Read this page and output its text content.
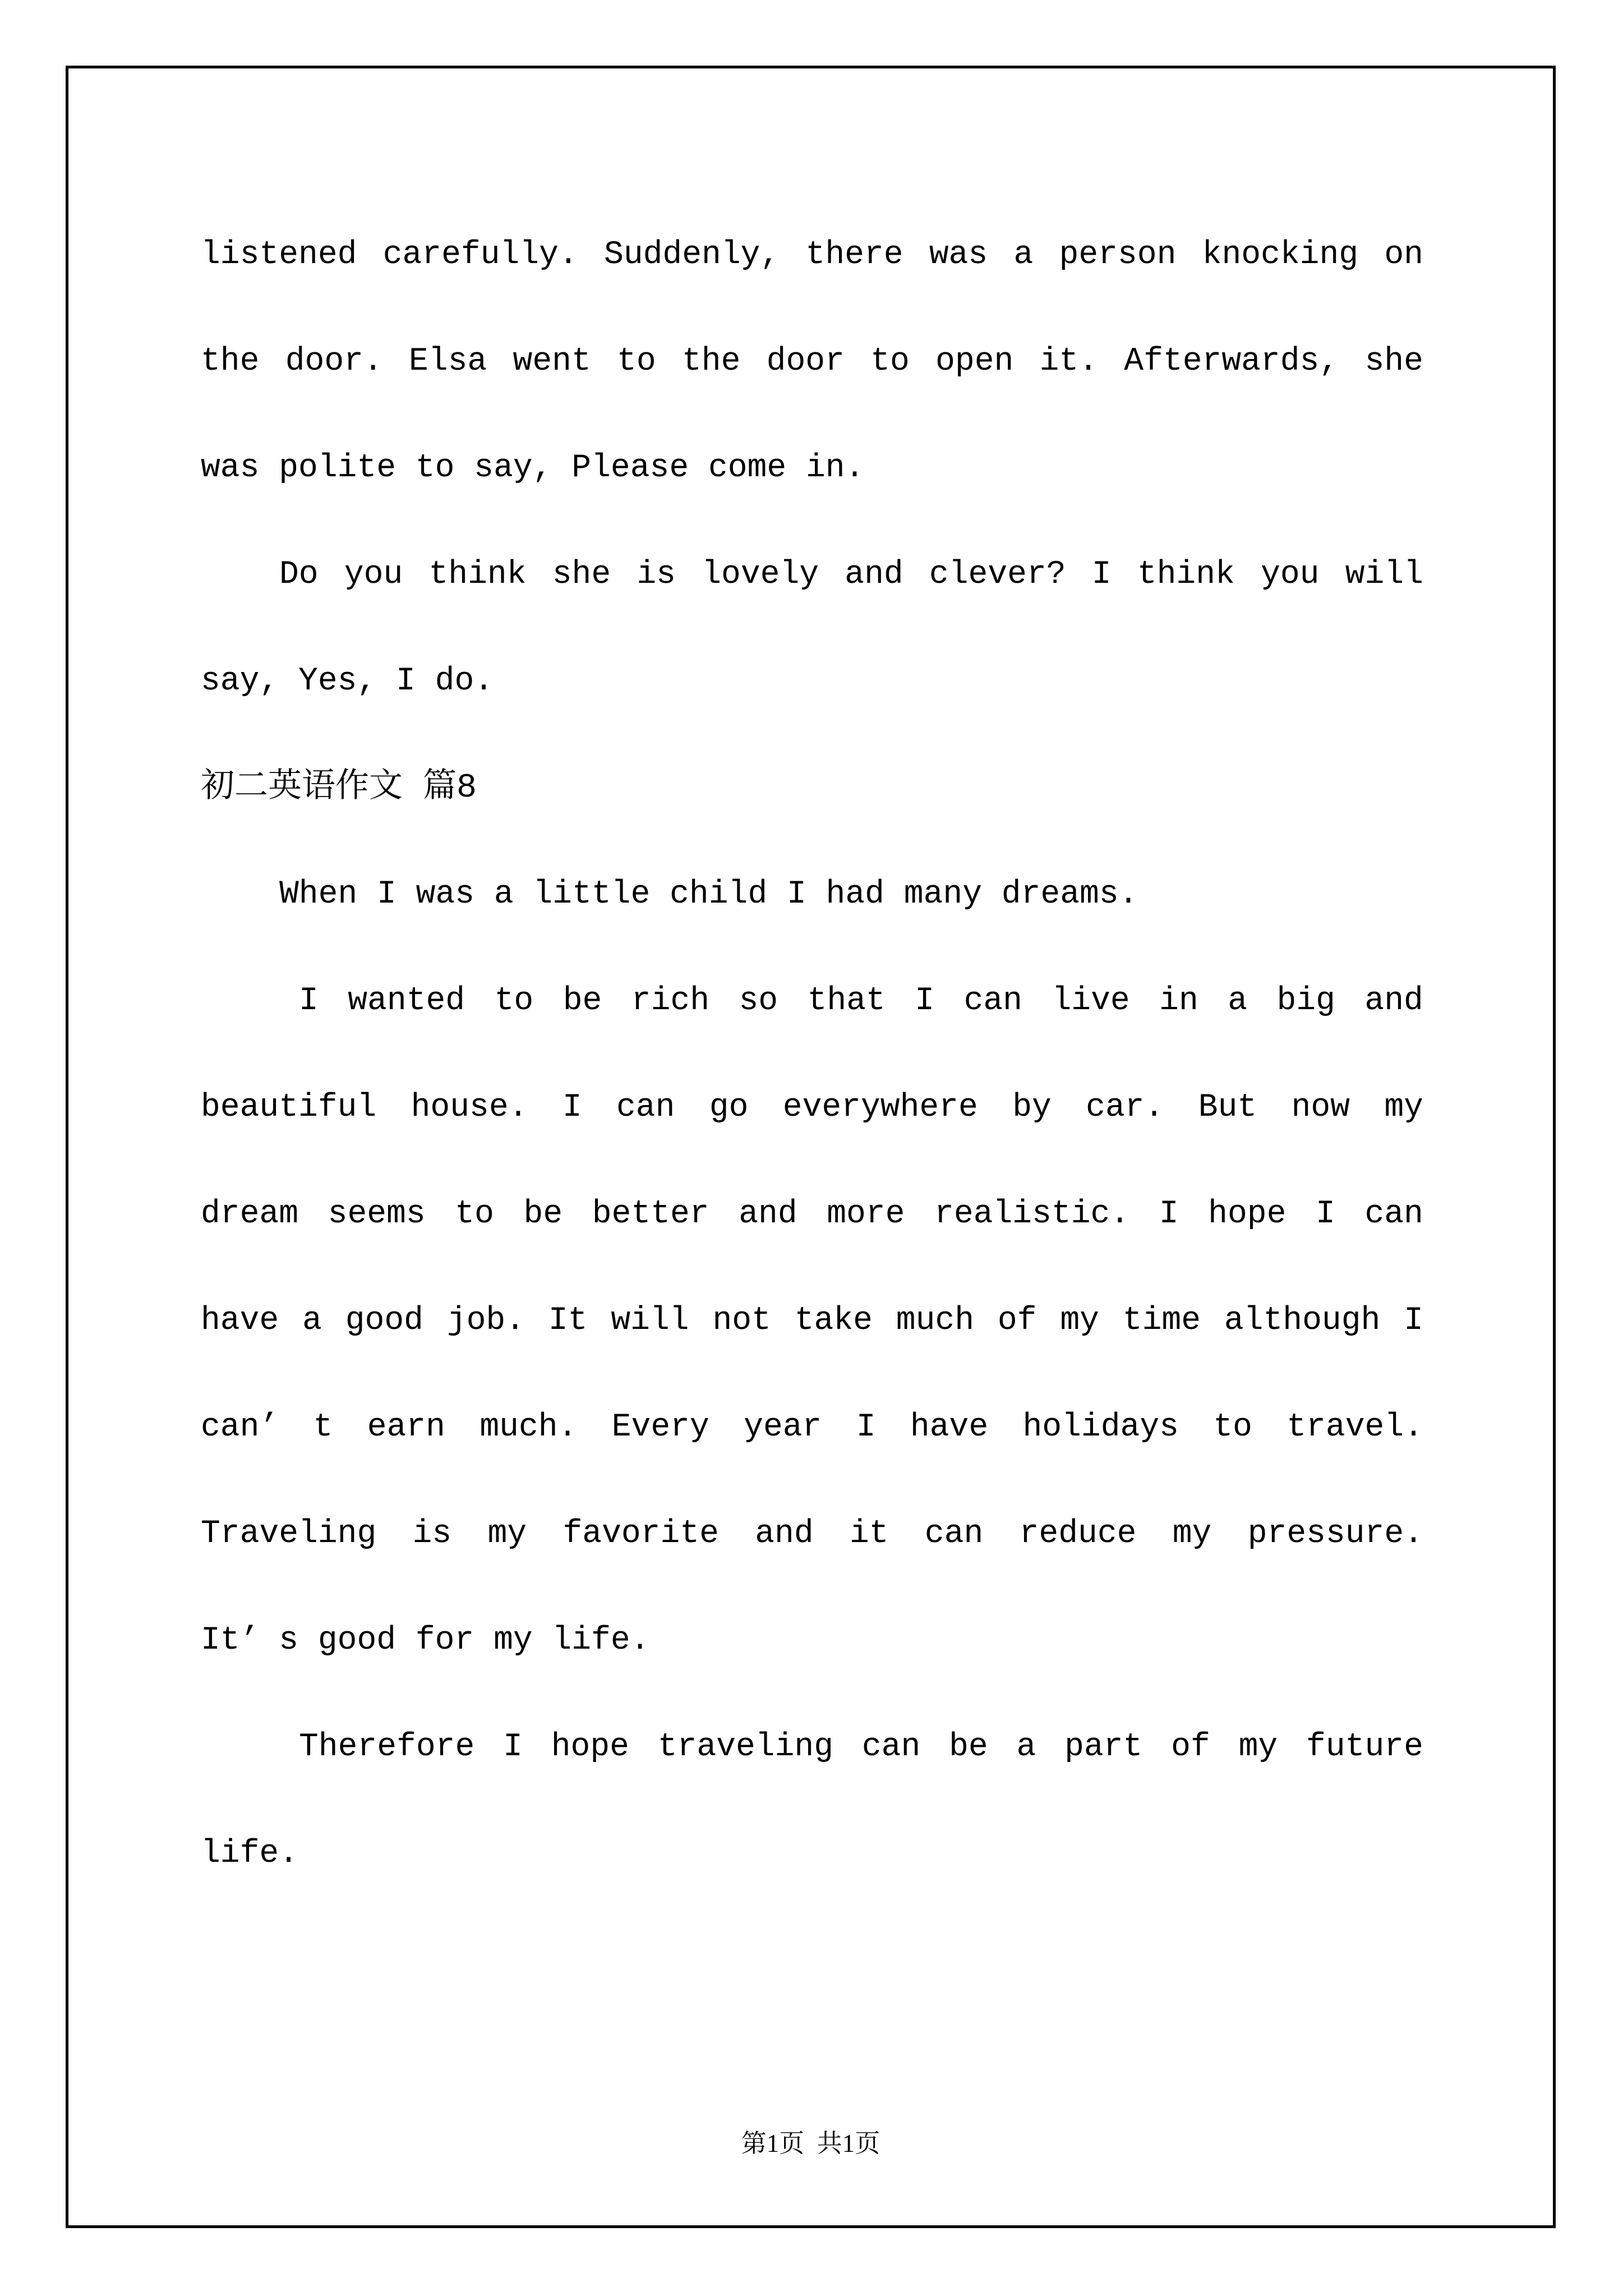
listened carefully. Suddenly, there was a person knocking on
the door. Elsa went to the door to open it. Afterwards, she
was polite to say, Please come in.
Do you think she is lovely and clever? I think you will
say, Yes, I do.
初二英语作文 篇8
When I was a little child I had many dreams.
I wanted to be rich so that I can live in a big and
beautiful house. I can go everywhere by car. But now my
dream seems to be better and more realistic. I hope I can
have a good job. It will not take much of my time although I
can’ t earn much. Every year I have holidays to travel.
Traveling is my favorite and it can reduce my pressure.
It’ s good for my life.
Therefore I hope traveling can be a part of my future
life.
第1页  共1页
